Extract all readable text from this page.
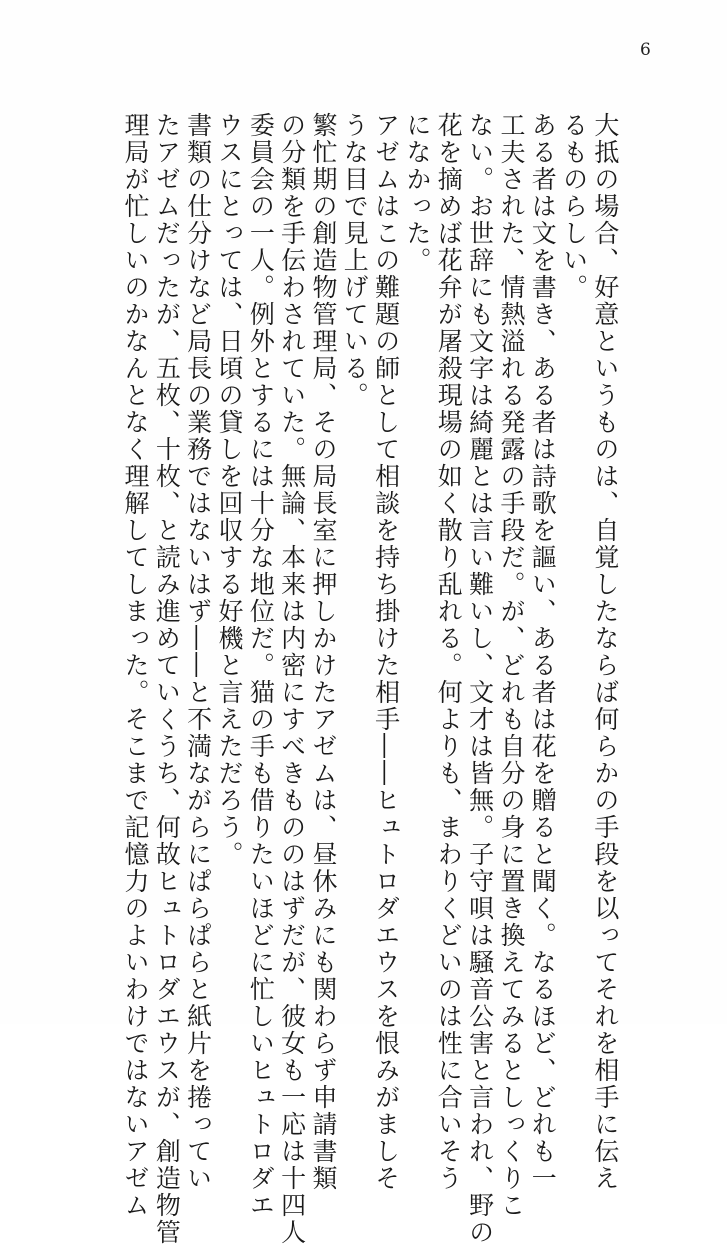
6
大抵の場合、好意というものは、自覚したならば何らかの手段を以ってそれを相手に伝え
るものらしい。
ある者は文を書き、ある者は詩歌を謳い、ある者は花を贈ると聞く。なるほど、どれも一
工夫された、情熱溢れる発露の手段だ。が、どれも自分の身に置き換えてみるとしっくりこ
ない。お世辞にも文字は綺麗とは言い難いし、文才は皆無。子守唄は騒音公害と言われ、野の
花を摘めば花弁が屠殺現場の如く散り乱れる。何よりも、まわりくどいのは性に合いそう
になかった。
アゼムはこの難題の師として相談を持ち掛けた相手――ヒュトロダエウスを恨みがましそ
うな目で見上げている。
繁忙期の創造物管理局、その局長室に押しかけたアゼムは、昼休みにも関わらず申請書類
の分類を手伝わされていた。無論、本来は内密にすべきもののはずだが、彼女も一応は十四人
委員会の一人。例外とするには十分な地位だ。猫の手も借りたいほどに忙しいヒュトロダエ
ウスにとっては、日頃の貸しを回収する好機と言えただろう。
書類の仕分けなど局長の業務ではないはず――と不満ながらにぱらぱらと紙片を捲ってい
たアゼムだったが、五枚、十枚、と読み進めていくうち、何故ヒュトロダエウスが、創造物管
理局が忙しいのかなんとなく理解してしまった。そこまで記憶力のよいわけではないアゼム
